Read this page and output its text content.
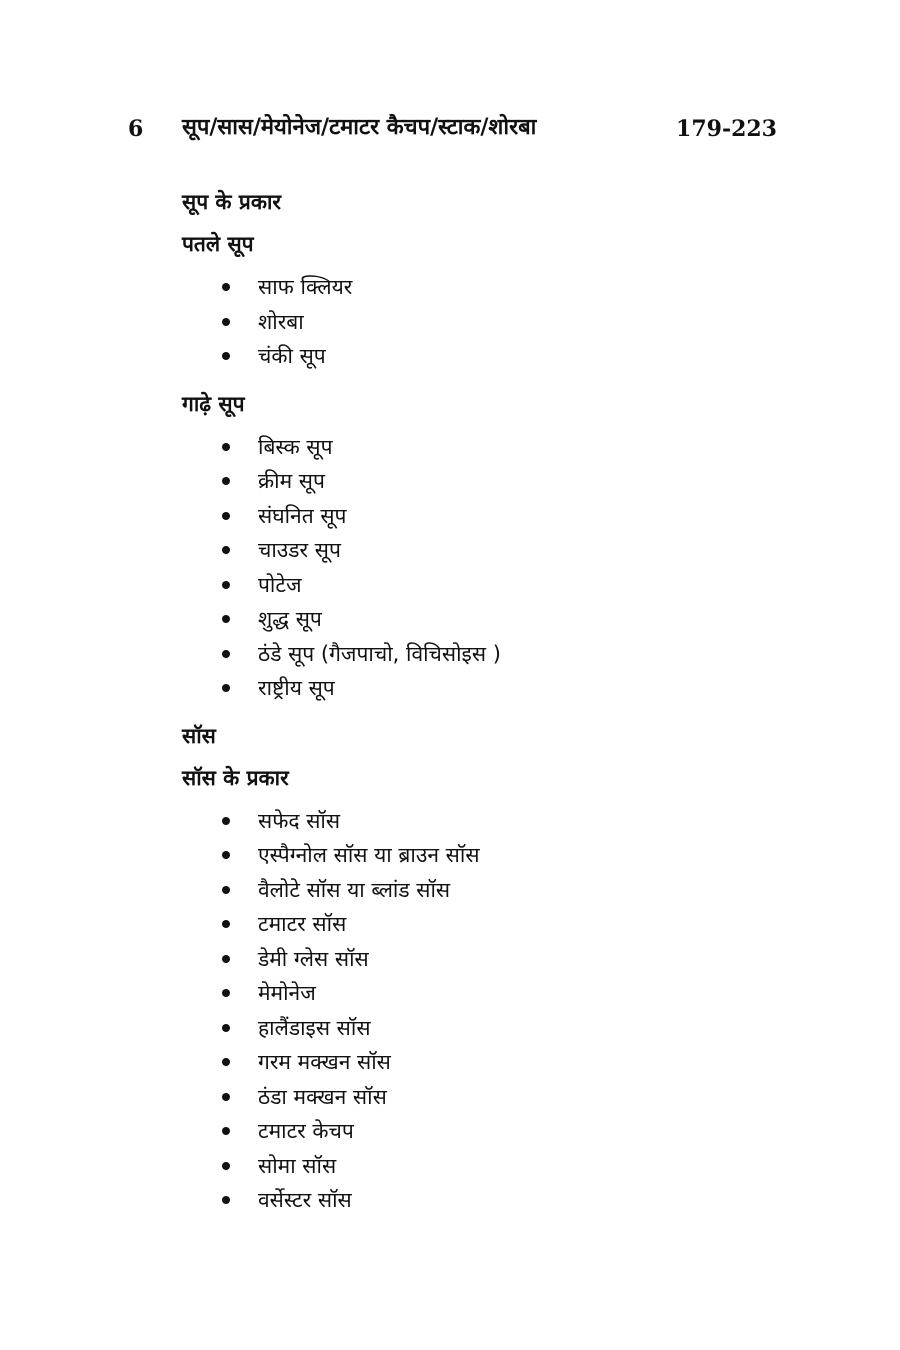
6 सूप/सास/मेयोनेज/टमाटर कैचप/स्टाक/शोरबा	179-223
सूप के प्रकार
पतले सूप
साफ क्लियर
शोरबा
चंकी सूप
गाढ़े सूप
बिस्क सूप
क्रीम सूप
संघनित सूप
चाउडर सूप
पोटेज
शुद्ध सूप
ठंडे सूप (गैजपाचो, विचिसोइस )
राष्ट्रीय सूप
सॉस
सॉस के प्रकार
सफेद सॉस
एस्पैग्नोल सॉस या ब्राउन सॉस
वैलोटे सॉस या ब्लांड सॉस
टमाटर सॉस
डेमी ग्लेस सॉस
मेमोनेज
हालैंडाइस सॉस
गरम मक्खन सॉस
ठंडा मक्खन सॉस
टमाटर केचप
सोमा सॉस
वर्सेस्टर सॉस
